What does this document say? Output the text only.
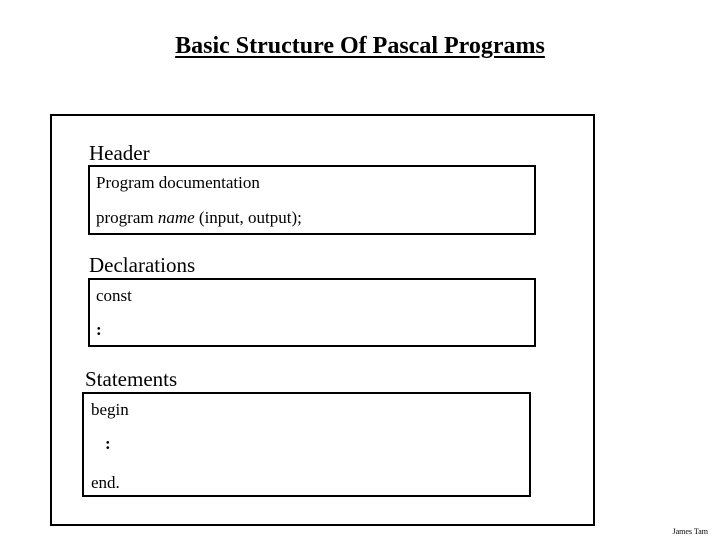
Basic Structure Of Pascal Programs
Header
Program documentation
program name (input, output);
Declarations
const
:
Statements
begin
:
end.
James Tam
